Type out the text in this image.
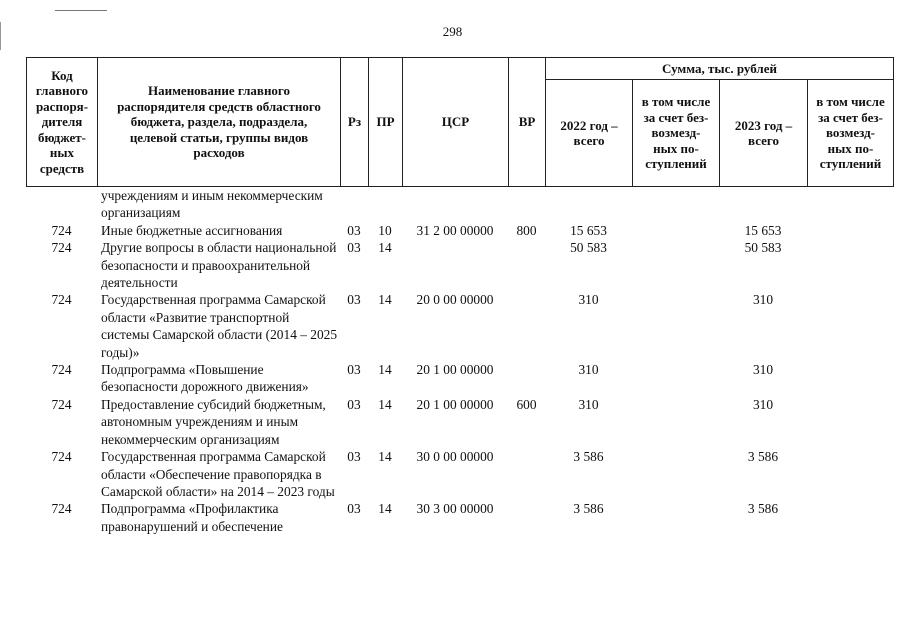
298
Код главного распоря-дителя бюджет-ных средств	Наименование главного распорядителя средств областного бюджета, раздела, подраздела, целевой статьи, группы видов расходов	Рз	ПР	ЦСР	ВР	Сумма, тыс. рублей			
						2022 год – всего	в том числе за счет без-возмезд-ных по-ступлений	2023 год – всего	в том числе за счет без-возмезд-ных по-ступлений
	учреждениям и иным некоммерческим организациям								
724	Иные бюджетные ассигнования	03	10	31 2 00 00000	800	15 653		15 653	
724	Другие вопросы в области национальной безопасности и правоохранительной деятельности	03	14			50 583		50 583	
724	Государственная программа Самарской области «Развитие транспортной системы Самарской области (2014 – 2025 годы)»	03	14	20 0 00 00000		310		310	
724	Подпрограмма «Повышение безопасности дорожного движения»	03	14	20 1 00 00000		310		310	
724	Предоставление субсидий бюджетным, автономным учреждениям и иным некоммерческим организациям	03	14	20 1 00 00000	600	310		310	
724	Государственная программа Самарской области «Обеспечение правопорядка в Самарской области» на 2014 – 2023 годы	03	14	30 0 00 00000		3 586		3 586	
724	Подпрограмма «Профилактика правонарушений и обеспечение	03	14	30 3 00 00000		3 586		3 586	
